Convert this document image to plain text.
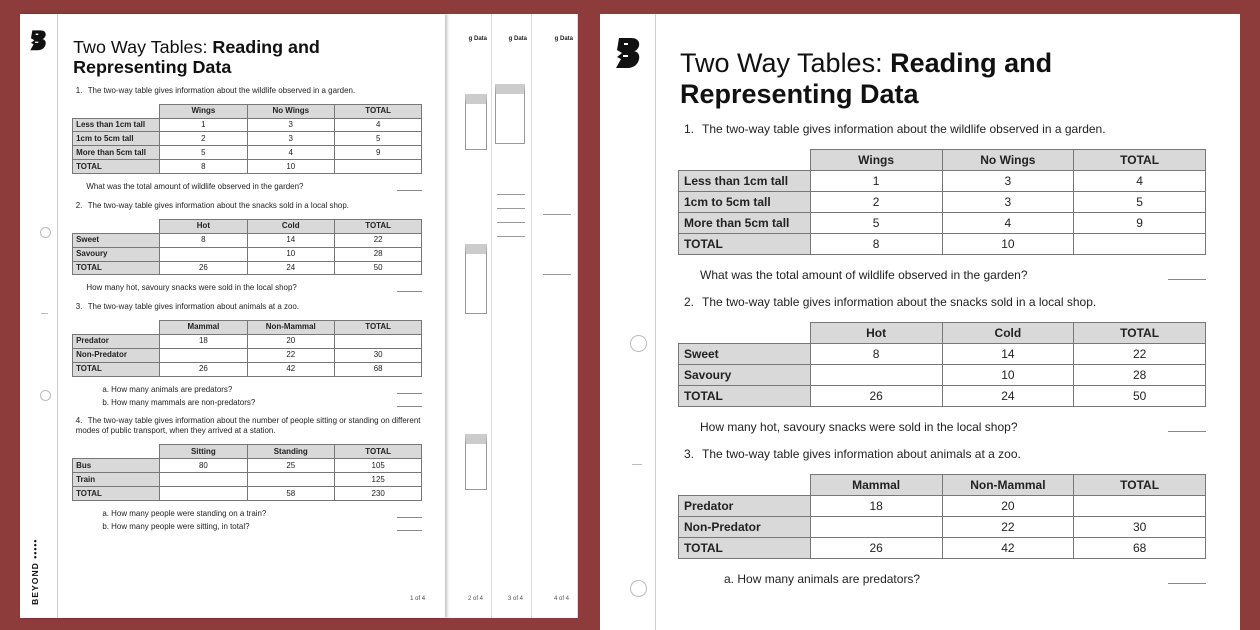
g Data
4 of 4
g Data
3 of 4
g Data
2 of 4
Two Way Tables: Reading and Representing Data
1. The two-way table gives information about the wildlife observed in a garden.
	Wings	No Wings	TOTAL
Less than 1cm tall	1	3	4
1cm to 5cm tall	2	3	5
More than 5cm tall	5	4	9
TOTAL	8	10	
What was the total amount of wildlife observed in the garden?
2. The two-way table gives information about the snacks sold in a local shop.
	Hot	Cold	TOTAL
Sweet	8	14	22
Savoury		10	28
TOTAL	26	24	50
How many hot, savoury snacks were sold in the local shop?
3. The two-way table gives information about animals at a zoo.
	Mammal	Non-Mammal	TOTAL
Predator	18	20	
Non-Predator		22	30
TOTAL	26	42	68
a. How many animals are predators?
b. How many mammals are non-predators?
4. The two-way table gives information about the number of people sitting or standing on different modes of public transport, when they arrived at a station.
	Sitting	Standing	TOTAL
Bus	80	25	105
Train			125
TOTAL		58	230
a. How many people were standing on a train?
b. How many people were sitting, in total?
1 of 4
BEYOND •••••
Two Way Tables: Reading and Representing Data
1. The two-way table gives information about the wildlife observed in a garden.
	Wings	No Wings	TOTAL
Less than 1cm tall	1	3	4
1cm to 5cm tall	2	3	5
More than 5cm tall	5	4	9
TOTAL	8	10	
What was the total amount of wildlife observed in the garden?
2. The two-way table gives information about the snacks sold in a local shop.
	Hot	Cold	TOTAL
Sweet	8	14	22
Savoury		10	28
TOTAL	26	24	50
How many hot, savoury snacks were sold in the local shop?
3. The two-way table gives information about animals at a zoo.
	Mammal	Non-Mammal	TOTAL
Predator	18	20	
Non-Predator		22	30
TOTAL	26	42	68
a. How many animals are predators?
